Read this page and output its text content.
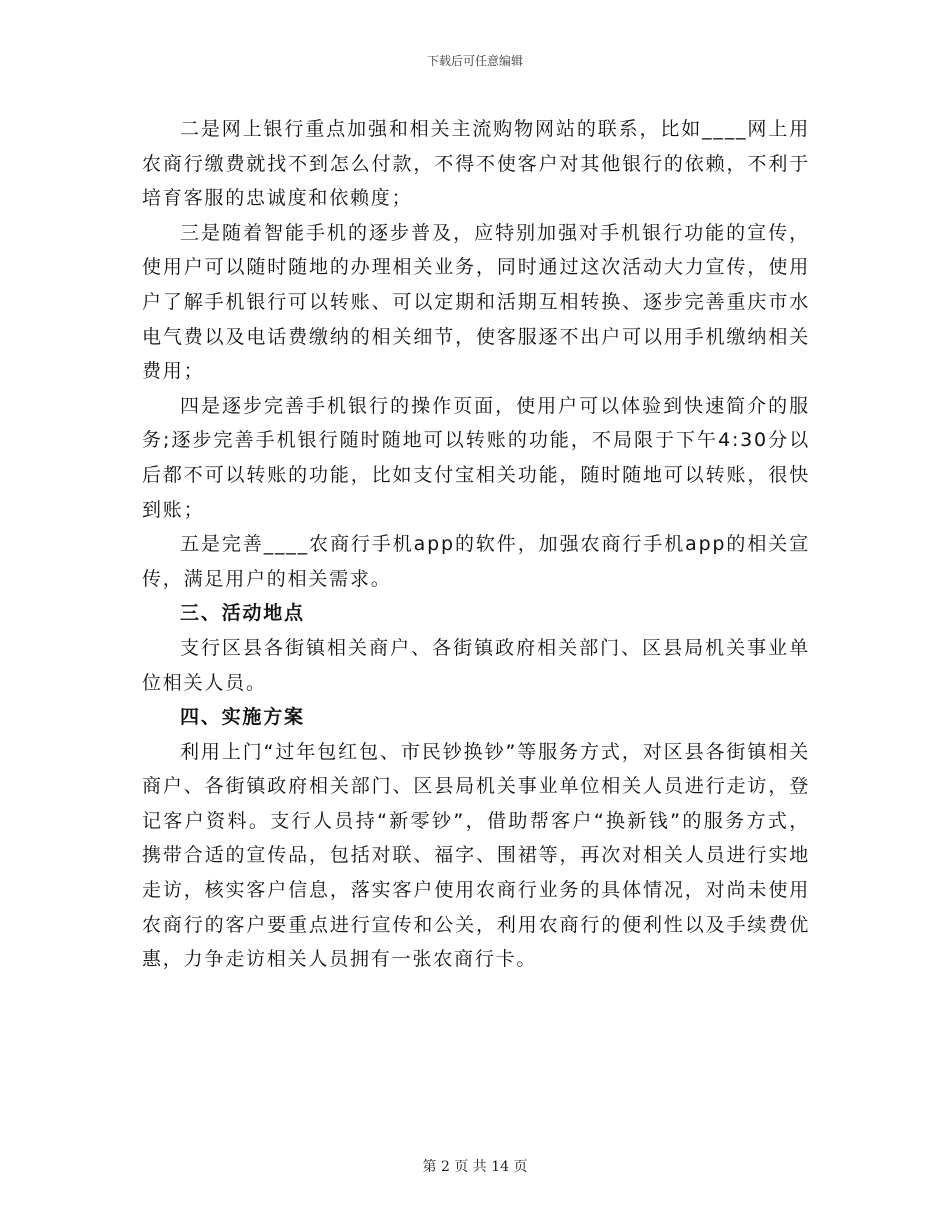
下载后可任意编辑

二是网上银行重点加强和相关主流购物网站的联系，比如____网上用农商行缴费就找不到怎么付款，不得不使客户对其他银行的依赖，不利于培育客服的忠诚度和依赖度；

三是随着智能手机的逐步普及，应特别加强对手机银行功能的宣传，使用户可以随时随地的办理相关业务，同时通过这次活动大力宣传，使用户了解手机银行可以转账、可以定期和活期互相转换、逐步完善重庆市水电气费以及电话费缴纳的相关细节，使客服逐不出户可以用手机缴纳相关费用；

四是逐步完善手机银行的操作页面，使用户可以体验到快速简介的服务;逐步完善手机银行随时随地可以转账的功能，不局限于下午4:30分以后都不可以转账的功能，比如支付宝相关功能，随时随地可以转账，很快到账；

五是完善____农商行手机app的软件，加强农商行手机app的相关宣传，满足用户的相关需求。

三、活动地点

支行区县各街镇相关商户、各街镇政府相关部门、区县局机关事业单位相关人员。

四、实施方案

利用上门“过年包红包、市民钞换钞”等服务方式，对区县各街镇相关商户、各街镇政府相关部门、区县局机关事业单位相关人员进行走访，登记客户资料。支行人员持“新零钞”，借助帮客户“换新钱”的服务方式，携带合适的宣传品，包括对联、福字、围裙等，再次对相关人员进行实地走访，核实客户信息，落实客户使用农商行业务的具体情况，对尚未使用农商行的客户要重点进行宣传和公关，利用农商行的便利性以及手续费优惠，力争走访相关人员拥有一张农商行卡。

第 2 页 共 14 页
